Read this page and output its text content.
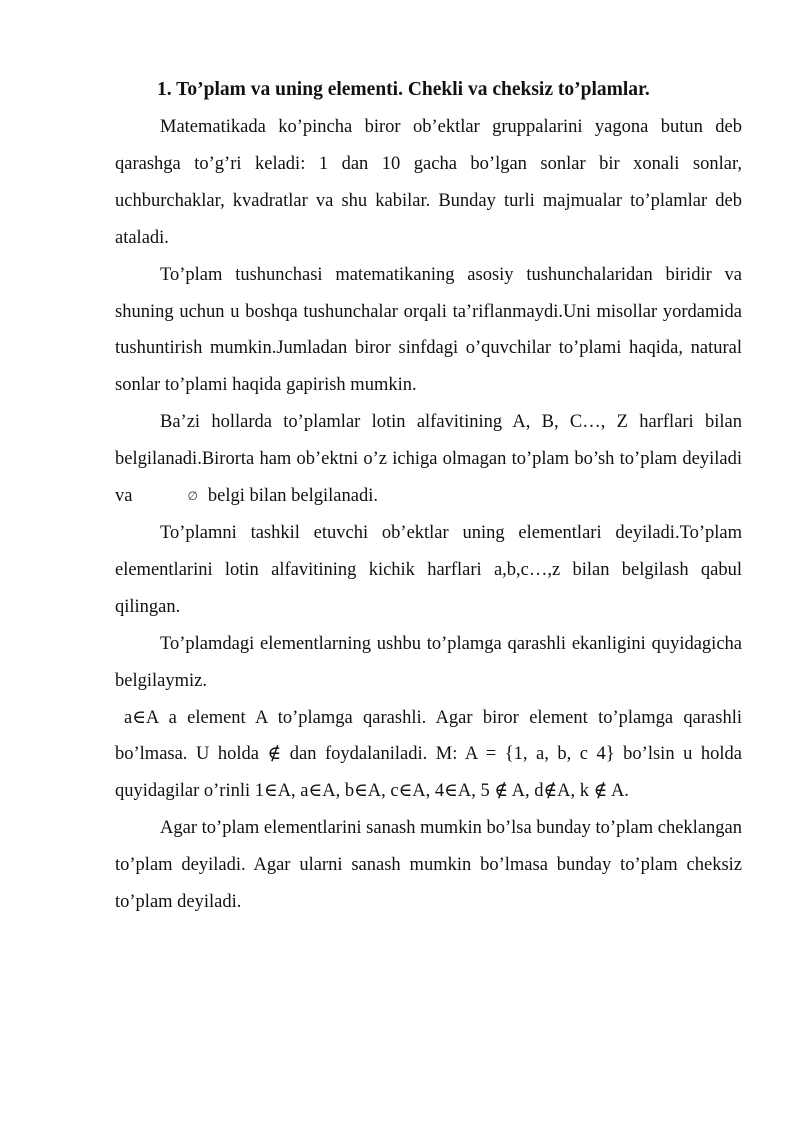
1. To’plam va uning elementi. Chekli va cheksiz to’plamlar.

Matematikada ko’pincha biror ob’ektlar gruppalarini yagona butun deb qarashga to’g’ri keladi: 1 dan 10 gacha bo’lgan sonlar bir xonali sonlar, uchburchaklar, kvadratlar va shu kabilar. Bunday turli majmualar to’plamlar deb ataladi.

To’plam tushunchasi matematikaning asosiy tushunchalaridan biridir va shuning uchun u boshqa tushunchalar orqali ta’riflanmaydi.Uni misollar yordamida tushuntirish mumkin.Jumladan biror sinfdagi o’quvchilar to’plami haqida, natural sonlar to’plami haqida gapirish mumkin.

Ba’zi hollarda to’plamlar lotin alfavitining A, B, C…, Z harflari bilan belgilanadi.Birorta ham ob’ektni o’z ichiga olmagan to’plam bo’sh to’plam deyiladi va	∅ belgi bilan belgilanadi.

To’plamni tashkil etuvchi ob’ektlar uning elementlari deyiladi.To’plam elementlarini lotin alfavitining kichik harflari a,b,c…,z bilan belgilash qabul qilingan.

To’plamdagi elementlarning ushbu to’plamga qarashli ekanligini quyidagicha belgilaymiz.

a∈A a element A to’plamga qarashli. Agar biror element to’plamga qarashli bo’lmasa. U holda ∉ dan foydalaniladi. M: A = {1, a, b, c 4} bo’lsin u holda quyidagilar o’rinli 1∈A, a∈A, b∈A, c∈A, 4∈A, 5 ∉ A, d∉A, k ∉ A.

Agar to’plam elementlarini sanash mumkin bo’lsa bunday to’plam cheklangan to’plam deyiladi. Agar ularni sanash mumkin bo’lmasa bunday to’plam cheksiz to’plam deyiladi.
